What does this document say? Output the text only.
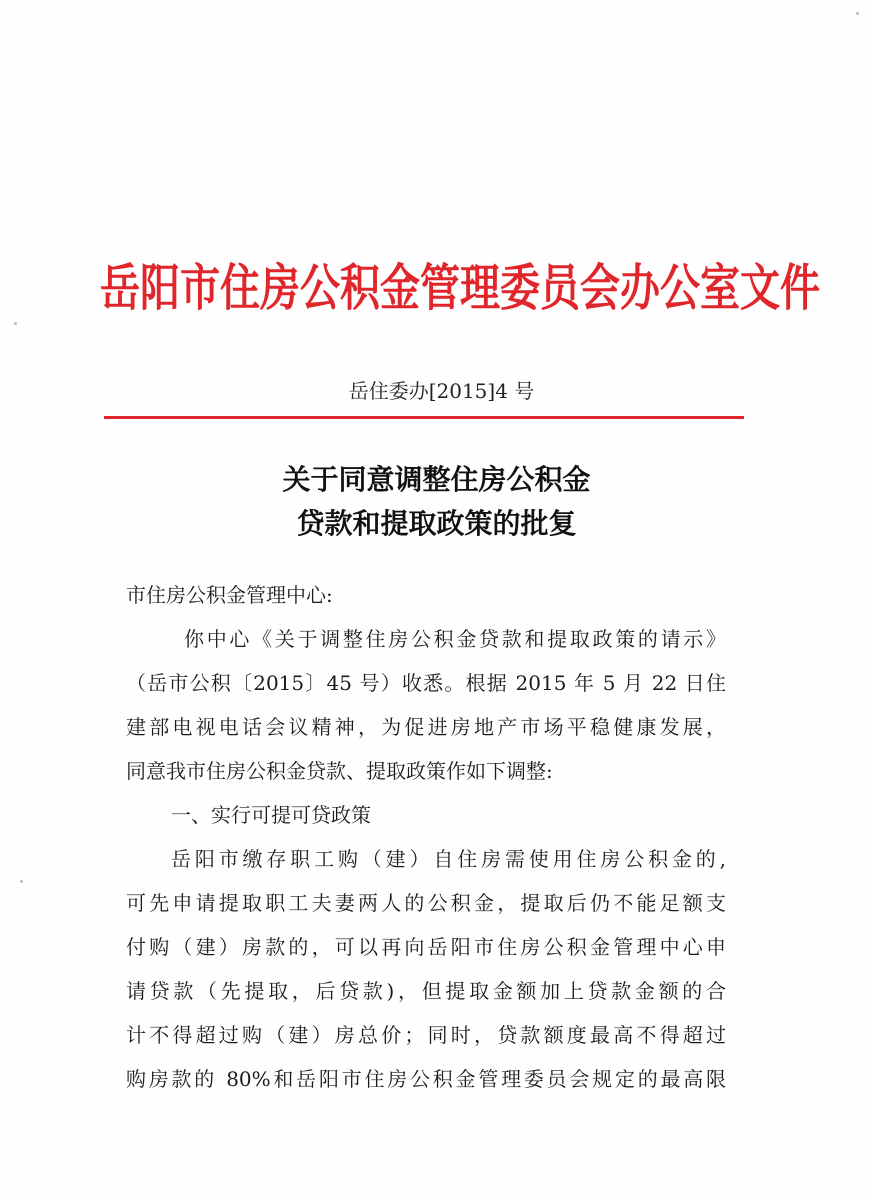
岳阳市住房公积金管理委员会办公室文件
岳住委办[2015]4 号
关于同意调整住房公积金
贷款和提取政策的批复
市住房公积金管理中心:
你中心《关于调整住房公积金贷款和提取政策的请示》
（岳市公积〔2015〕45 号）收悉。根据 2015 年 5 月 22 日住
建部电视电话会议精神，为促进房地产市场平稳健康发展，
同意我市住房公积金贷款、提取政策作如下调整:
一、实行可提可贷政策
岳阳市缴存职工购（建）自住房需使用住房公积金的,
可先申请提取职工夫妻两人的公积金，提取后仍不能足额支
付购（建）房款的，可以再向岳阳市住房公积金管理中心申
请贷款（先提取，后贷款)，但提取金额加上贷款金额的合
计不得超过购（建）房总价；同时，贷款额度最高不得超过
购房款的 80%和岳阳市住房公积金管理委员会规定的最高限
